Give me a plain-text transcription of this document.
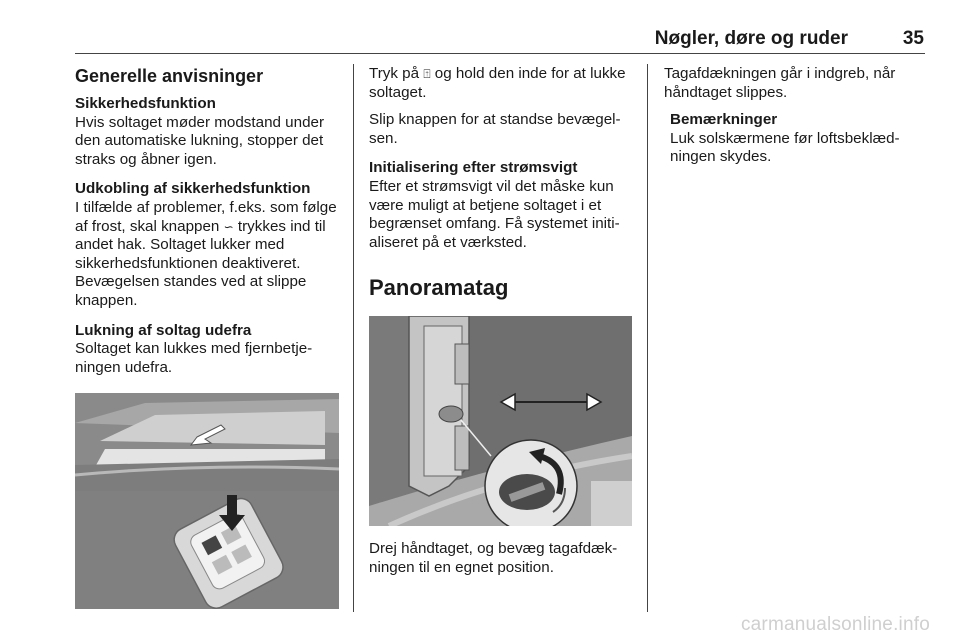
Nøgler, døre og ruder	35

Generelle anvisninger

Sikkerhedsfunktion

Hvis soltaget møder modstand under den automatiske lukning, stopper det straks og åbner igen.

Udkobling af sikkerhedsfunktion

I tilfælde af problemer, f.eks. som følge af frost, skal knappen ∽ trykkes ind til andet hak. Soltaget lukker med sikkerhedsfunktionen deaktiveret. Bevægelsen standes ved at slippe knappen.

Lukning af soltag udefra

Soltaget kan lukkes med fjernbetjeningen udefra.

Tryk på ⍐ og hold den inde for at lukke soltaget.

Slip knappen for at standse bevægelsen.

Initialisering efter strømsvigt

Efter et strømsvigt vil det måske kun være muligt at betjene soltaget i et begrænset omfang. Få systemet initialiseret på et værksted.

Panoramatag

Drej håndtaget, og bevæg tagafdækningen til en egnet position.

Tagafdækningen går i indgreb, når håndtaget slippes.

Bemærkninger

Luk solskærmene før loftsbeklædningen skydes.

carmanualsonline.info
